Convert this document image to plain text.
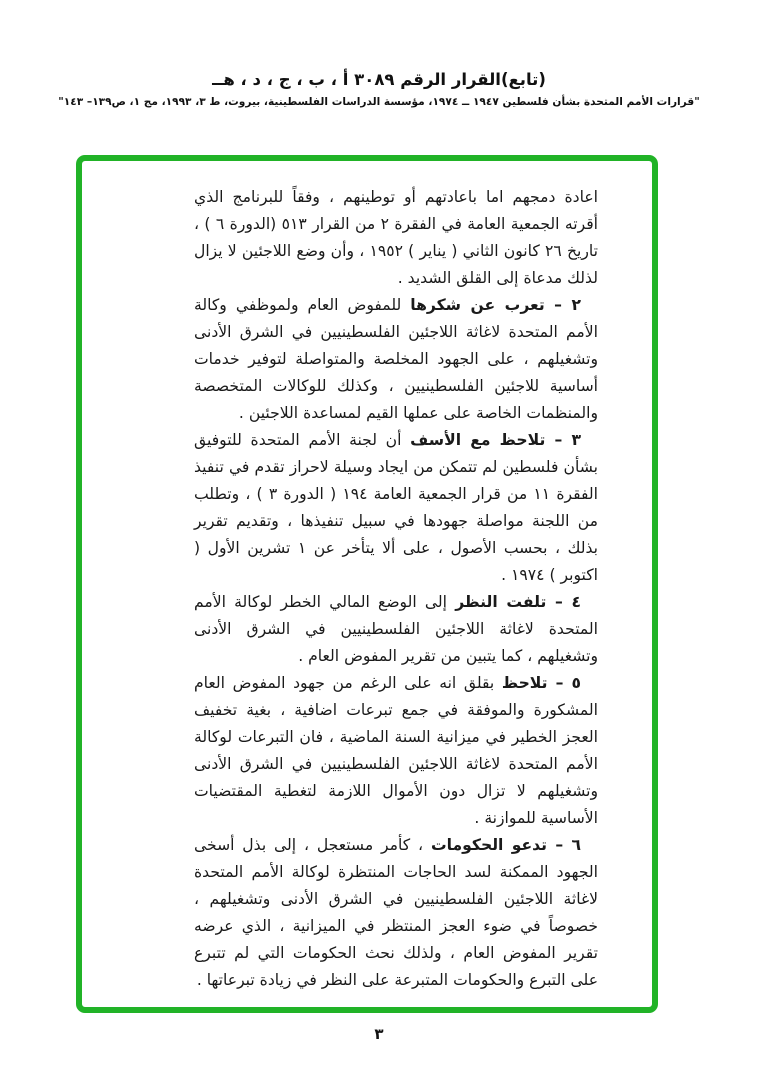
(تابع)القرار الرقم ٣٠٨٩ أ ، ب ، ج ، د ، هــ
"قرارات الأمم المتحدة بشأن فلسطين ١٩٤٧ ــ ١٩٧٤، مؤسسة الدراسات الفلسطينية، بيروت، ط ٣، ١٩٩٣، مج ١، ص١٣٩– ١٤٣"

اعادة دمجهم اما باعادتهم أو توطينهم ، وفقاً للبرنامج الذي أقرته الجمعية العامة في الفقرة ٢ من القرار ٥١٣ (الدورة ٦ ) ، تاريخ ٢٦ كانون الثاني ( يناير ) ١٩٥٢ ، وأن وضع اللاجئين لا يزال لذلك مدعاة إلى القلق الشديد .

٢ – تعرب عن شكرها للمفوض العام ولموظفي وكالة الأمم المتحدة لاغاثة اللاجئين الفلسطينيين في الشرق الأدنى وتشغيلهم ، على الجهود المخلصة والمتواصلة لتوفير خدمات أساسية للاجئين الفلسطينيين ، وكذلك للوكالات المتخصصة والمنظمات الخاصة على عملها القيم لمساعدة اللاجئين .

٣ – تلاحظ مع الأسف أن لجنة الأمم المتحدة للتوفيق بشأن فلسطين لم تتمكن من ايجاد وسيلة لاحراز تقدم في تنفيذ الفقرة ١١ من قرار الجمعية العامة ١٩٤ ( الدورة ٣ ) ، وتطلب من اللجنة مواصلة جهودها في سبيل تنفيذها ، وتقديم تقرير بذلك ، بحسب الأصول ، على ألا يتأخر عن ١ تشرين الأول ( اكتوبر ) ١٩٧٤ .

٤ – تلفت النظر إلى الوضع المالي الخطر لوكالة الأمم المتحدة لاغاثة اللاجئين الفلسطينيين في الشرق الأدنى وتشغيلهم ، كما يتبين من تقرير المفوض العام .

٥ – تلاحظ بقلق انه على الرغم من جهود المفوض العام المشكورة والموفقة في جمع تبرعات اضافية ، بغية تخفيف العجز الخطير في ميزانية السنة الماضية ، فان التبرعات لوكالة الأمم المتحدة لاغاثة اللاجئين الفلسطينيين في الشرق الأدنى وتشغيلهم لا تزال دون الأموال اللازمة لتغطية المقتضيات الأساسية للموازنة .

٦ – تدعو الحكومات ، كأمر مستعجل ، إلى بذل أسخى الجهود الممكنة لسد الحاجات المنتظرة لوكالة الأمم المتحدة لاغاثة اللاجئين الفلسطينيين في الشرق الأدنى وتشغيلهم ، خصوصاً في ضوء العجز المنتظر في الميزانية ، الذي عرضه تقرير المفوض العام ، ولذلك نحث الحكومات التي لم تتبرع على التبرع والحكومات المتبرعة على النظر في زيادة تبرعاتها .

٣
